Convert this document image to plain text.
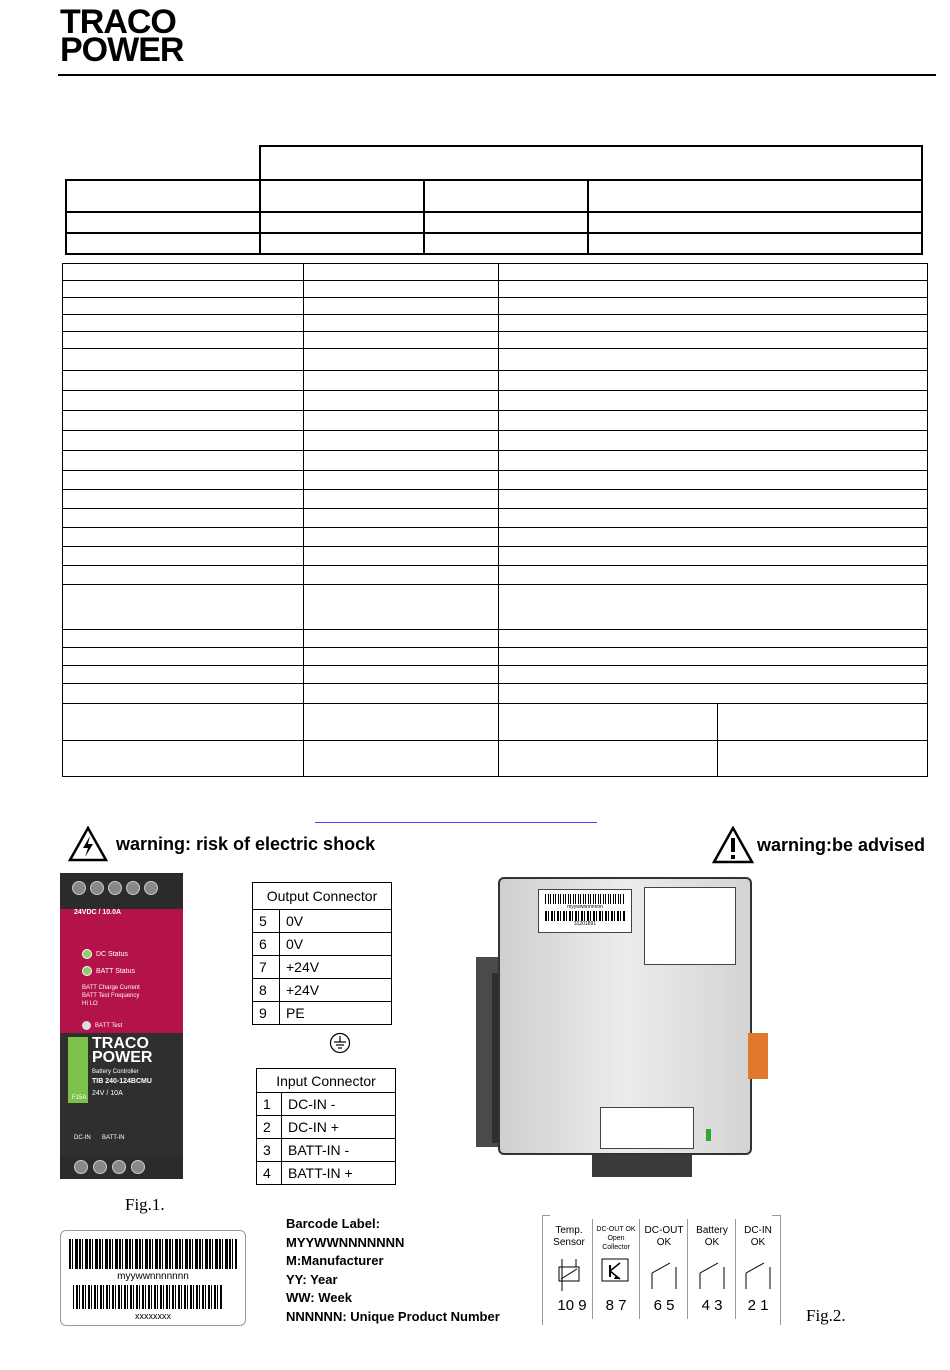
TRACO
POWER

warning: risk of electric shock	warning:be advised
24VDC / 10.0A
DC Status
BATT Status
BATT Charge Current
BATT Test Frequency
HI LO
BATT Test
TRACO
POWER
Battery Controller
TIB 240-124BCMU
24V / 10A
F15A
DC-IN BATT-IN
Fig.1.
Output Connector	
5	0V
6	0V
7	+24V
8	+24V
9	PE
Input Connector	
1	DC-IN -
2	DC-IN +
3	BATT-IN -
4	BATT-IN +
myywwnnnnnnn
31201891
myywwnnnnnnn
xxxxxxxx
Barcode Label:
MYYWWNNNNNNN
M:Manufacturer
YY: Year
WW: Week
NNNNNN: Unique Product Number
Temp. Sensor
DC-OUT OK Open Collector
DC-OUT OK
Battery OK
DC-IN OK
10 9	8 7	6 5	4 3	2 1
Fig.2.
